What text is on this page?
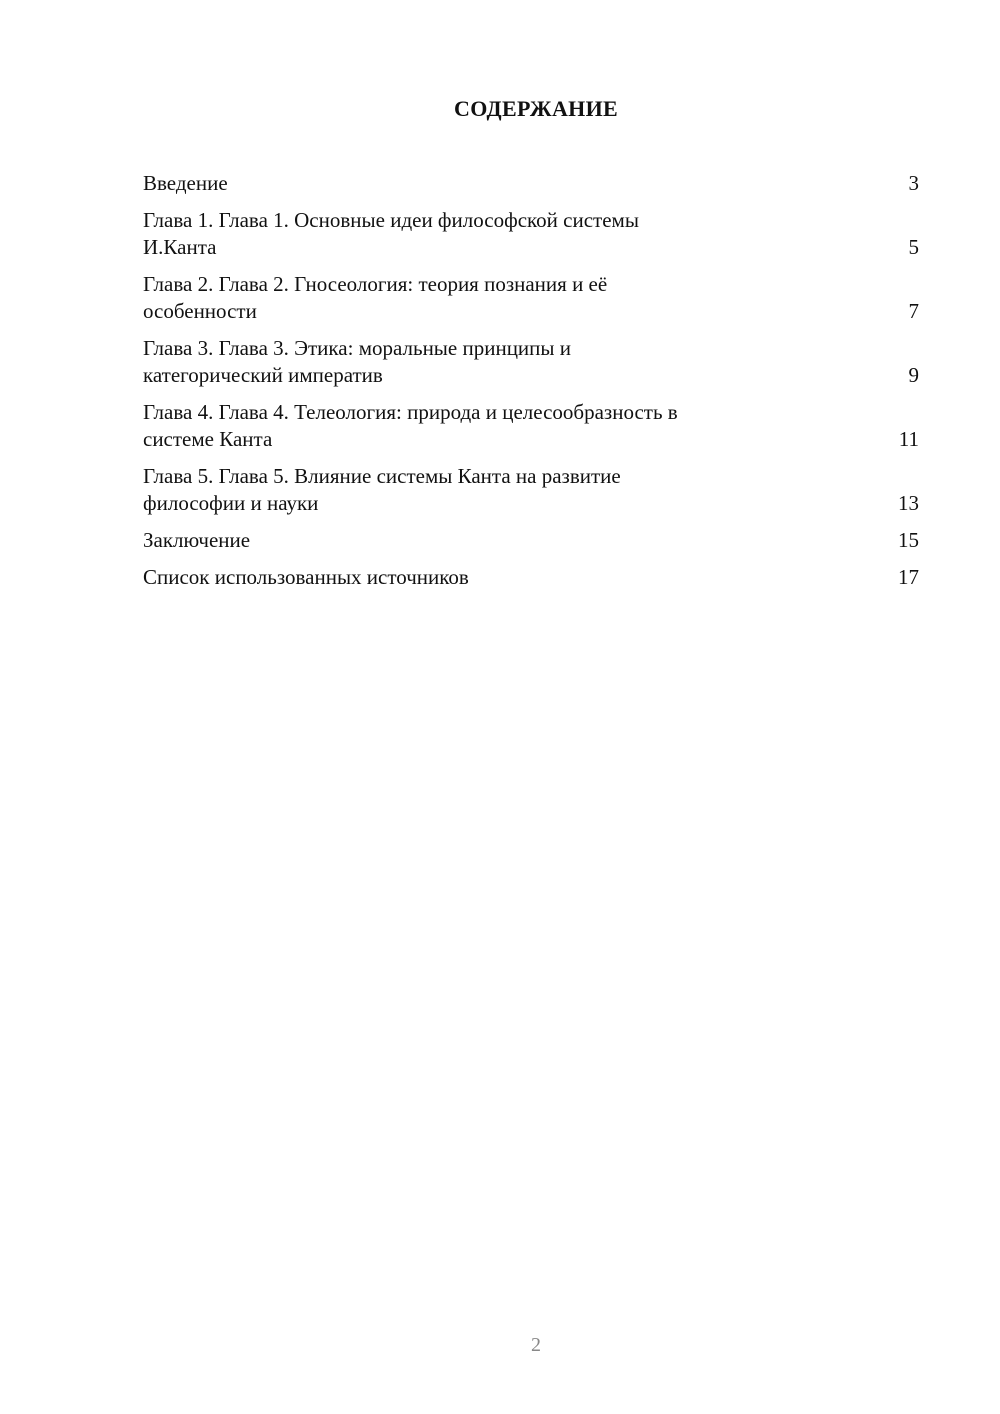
СОДЕРЖАНИЕ
Введение	3
Глава 1. Глава 1. Основные идеи философской системы
И.Канта	5
Глава 2. Глава 2. Гносеология: теория познания и её
особенности	7
Глава 3. Глава 3. Этика: моральные принципы и
категорический императив	9
Глава 4. Глава 4. Телеология: природа и целесообразность в
системе Канта	11
Глава 5. Глава 5. Влияние системы Канта на развитие
философии и науки	13
Заключение	15
Список использованных источников	17
2
